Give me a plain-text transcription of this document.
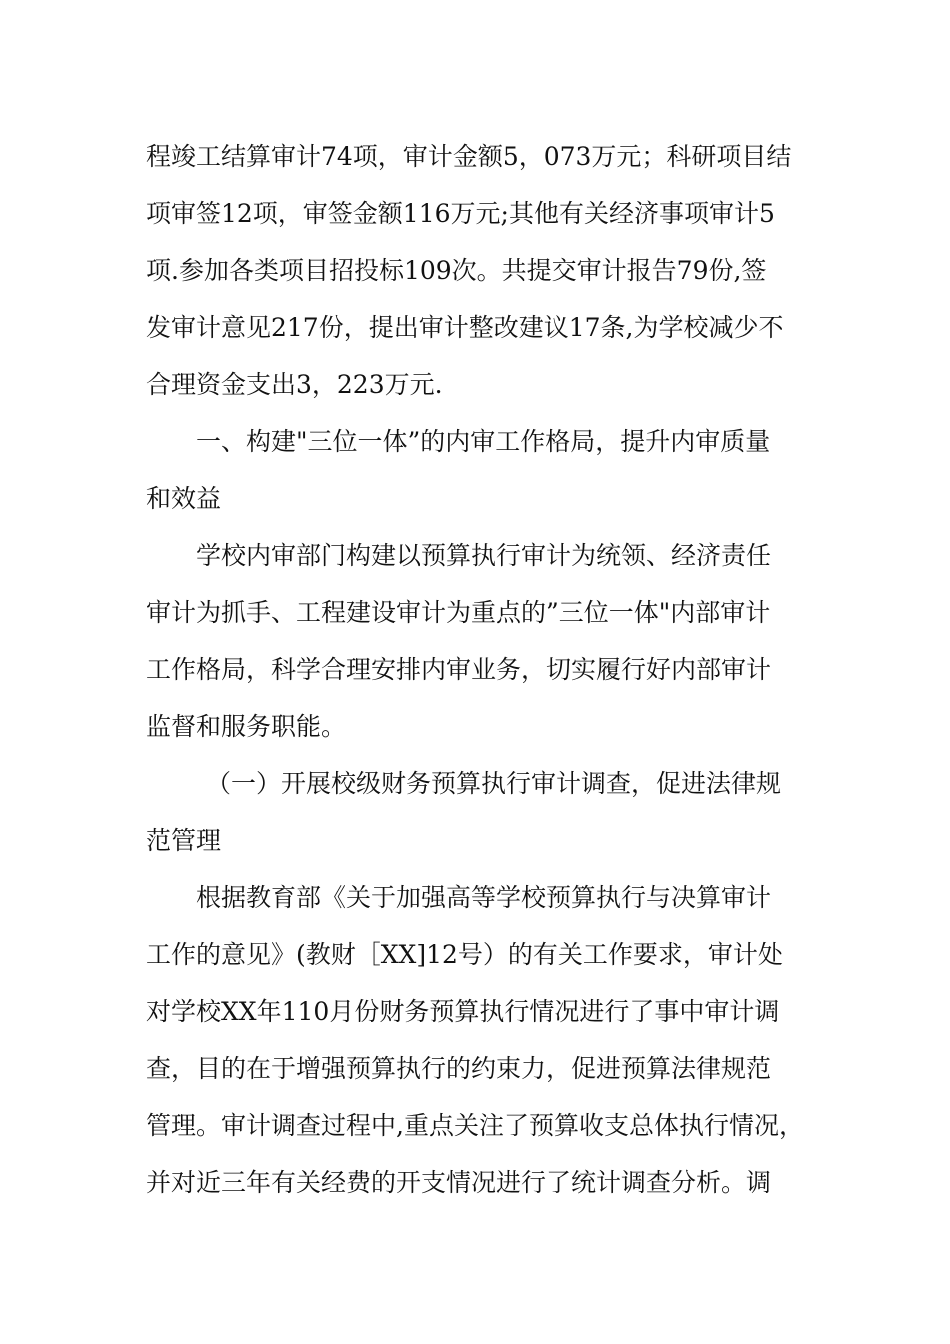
程竣工结算审计74项，审计金额5，073万元；科研项目结
项审签12项，审签金额116万元;其他有关经济事项审计5
项.参加各类项目招投标109次。共提交审计报告79份,签
发审计意见217份，提出审计整改建议17条,为学校减少不
合理资金支出3，223万元.
一、构建"三位一体”的内审工作格局，提升内审质量
和效益
学校内审部门构建以预算执行审计为统领、经济责任
审计为抓手、工程建设审计为重点的”三位一体"内部审计
工作格局，科学合理安排内审业务，切实履行好内部审计
监督和服务职能。
（一）开展校级财务预算执行审计调查，促进法律规
范管理
根据教育部《关于加强高等学校预算执行与决算审计
工作的意见》(教财［XX]12号）的有关工作要求，审计处
对学校XX年110月份财务预算执行情况进行了事中审计调
查，目的在于增强预算执行的约束力，促进预算法律规范
管理。审计调查过程中,重点关注了预算收支总体执行情况，
并对近三年有关经费的开支情况进行了统计调查分析。调
